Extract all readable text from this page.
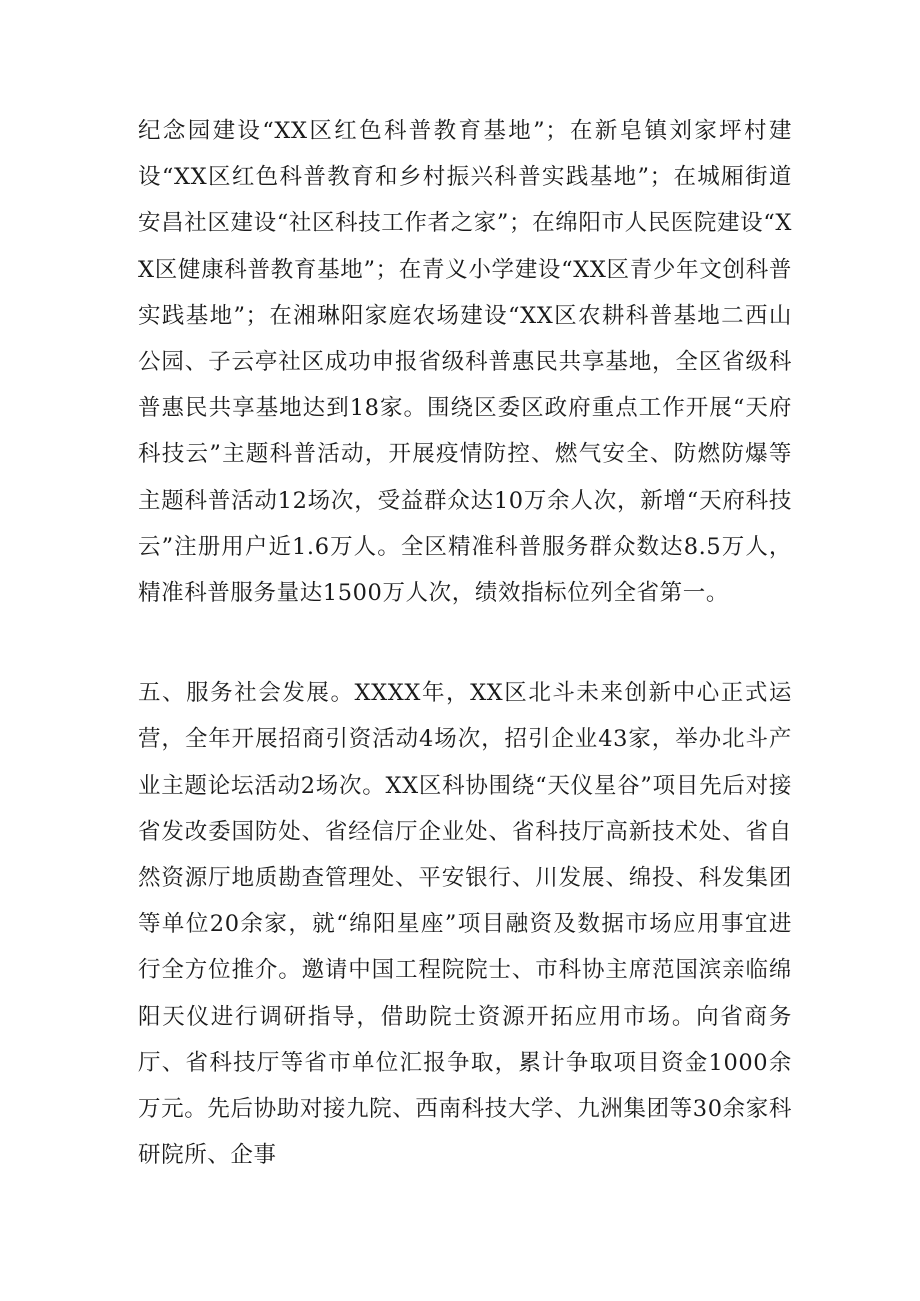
纪念园建设“XX区红色科普教育基地”；在新皂镇刘家坪村建设“XX区红色科普教育和乡村振兴科普实践基地”；在城厢街道安昌社区建设“社区科技工作者之家”；在绵阳市人民医院建设“XX区健康科普教育基地”；在青义小学建设“XX区青少年文创科普实践基地”；在湘琳阳家庭农场建设“XX区农耕科普基地二西山公园、子云亭社区成功申报省级科普惠民共享基地，全区省级科普惠民共享基地达到18家。围绕区委区政府重点工作开展“天府科技云”主题科普活动，开展疫情防控、燃气安全、防燃防爆等主题科普活动12场次，受益群众达10万余人次，新增“天府科技云”注册用户近1.6万人。全区精准科普服务群众数达8.5万人，精准科普服务量达1500万人次，绩效指标位列全省第一。

五、服务社会发展。XXXX年，XX区北斗未来创新中心正式运营，全年开展招商引资活动4场次，招引企业43家，举办北斗产业主题论坛活动2场次。XX区科协围绕“天仪星谷”项目先后对接省发改委国防处、省经信厅企业处、省科技厅高新技术处、省自然资源厅地质勘查管理处、平安银行、川发展、绵投、科发集团等单位20余家，就“绵阳星座”项目融资及数据市场应用事宜进行全方位推介。邀请中国工程院院士、市科协主席范国滨亲临绵阳天仪进行调研指导，借助院士资源开拓应用市场。向省商务厅、省科技厅等省市单位汇报争取，累计争取项目资金1000余万元。先后协助对接九院、西南科技大学、九洲集团等30余家科研院所、企事
